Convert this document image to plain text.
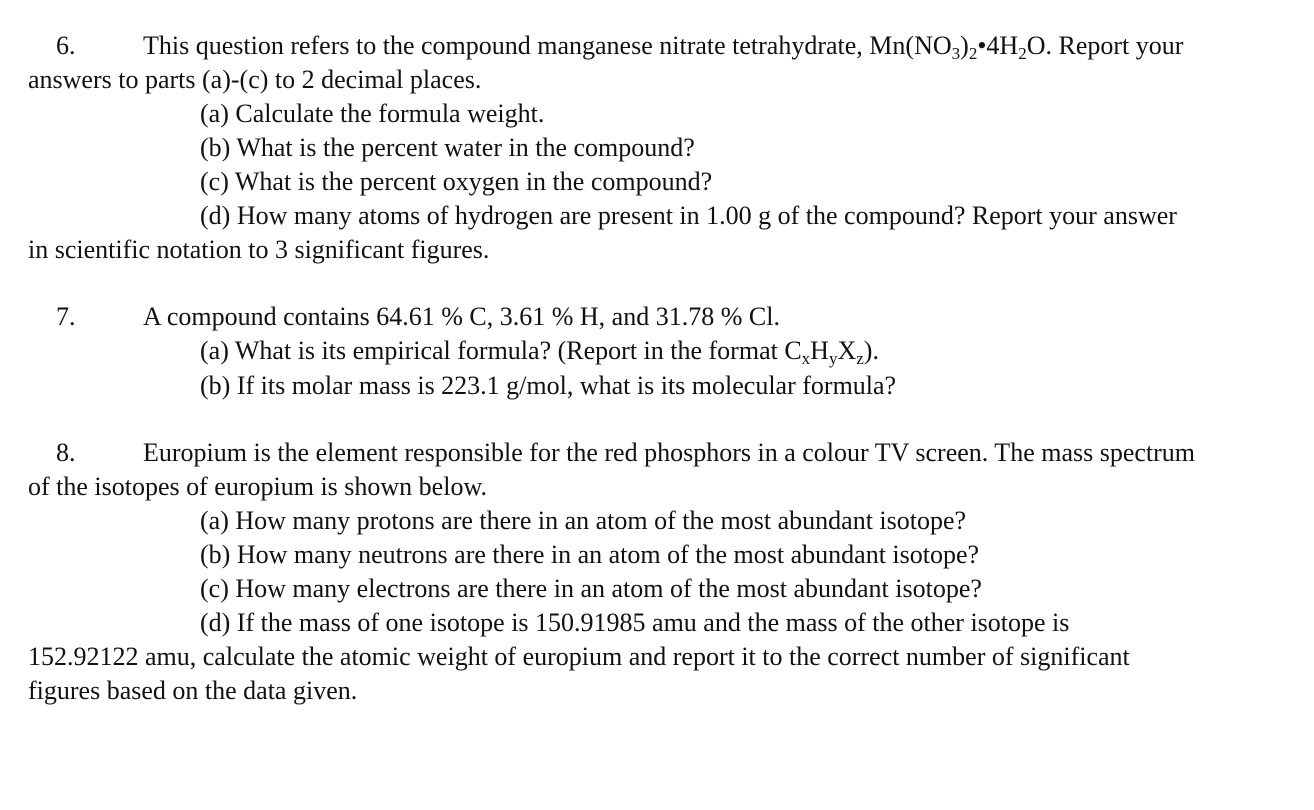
6.	This question refers to the compound manganese nitrate tetrahydrate, $Mn(NO_3)_2•4H_2O$. Report your
answers to parts (a)-(c) to 2 decimal places.
(a) Calculate the formula weight.
(b) What is the percent water in the compound?
(c) What is the percent oxygen in the compound?
(d) How many atoms of hydrogen are present in 1.00 g of the compound? Report your answer
in scientific notation to 3 significant figures.
7.	A compound contains 64.61 % C, 3.61 % H, and 31.78 % Cl.
(a) What is its empirical formula? (Report in the format $C_xH_yX_z$).
(b) If its molar mass is 223.1 g/mol, what is its molecular formula?
8.	Europium is the element responsible for the red phosphors in a colour TV screen. The mass spectrum
of the isotopes of europium is shown below.
(a) How many protons are there in an atom of the most abundant isotope?
(b) How many neutrons are there in an atom of the most abundant isotope?
(c) How many electrons are there in an atom of the most abundant isotope?
(d) If the mass of one isotope is 150.91985 amu and the mass of the other isotope is
152.92122 amu, calculate the atomic weight of europium and report it to the correct number of significant
figures based on the data given.
